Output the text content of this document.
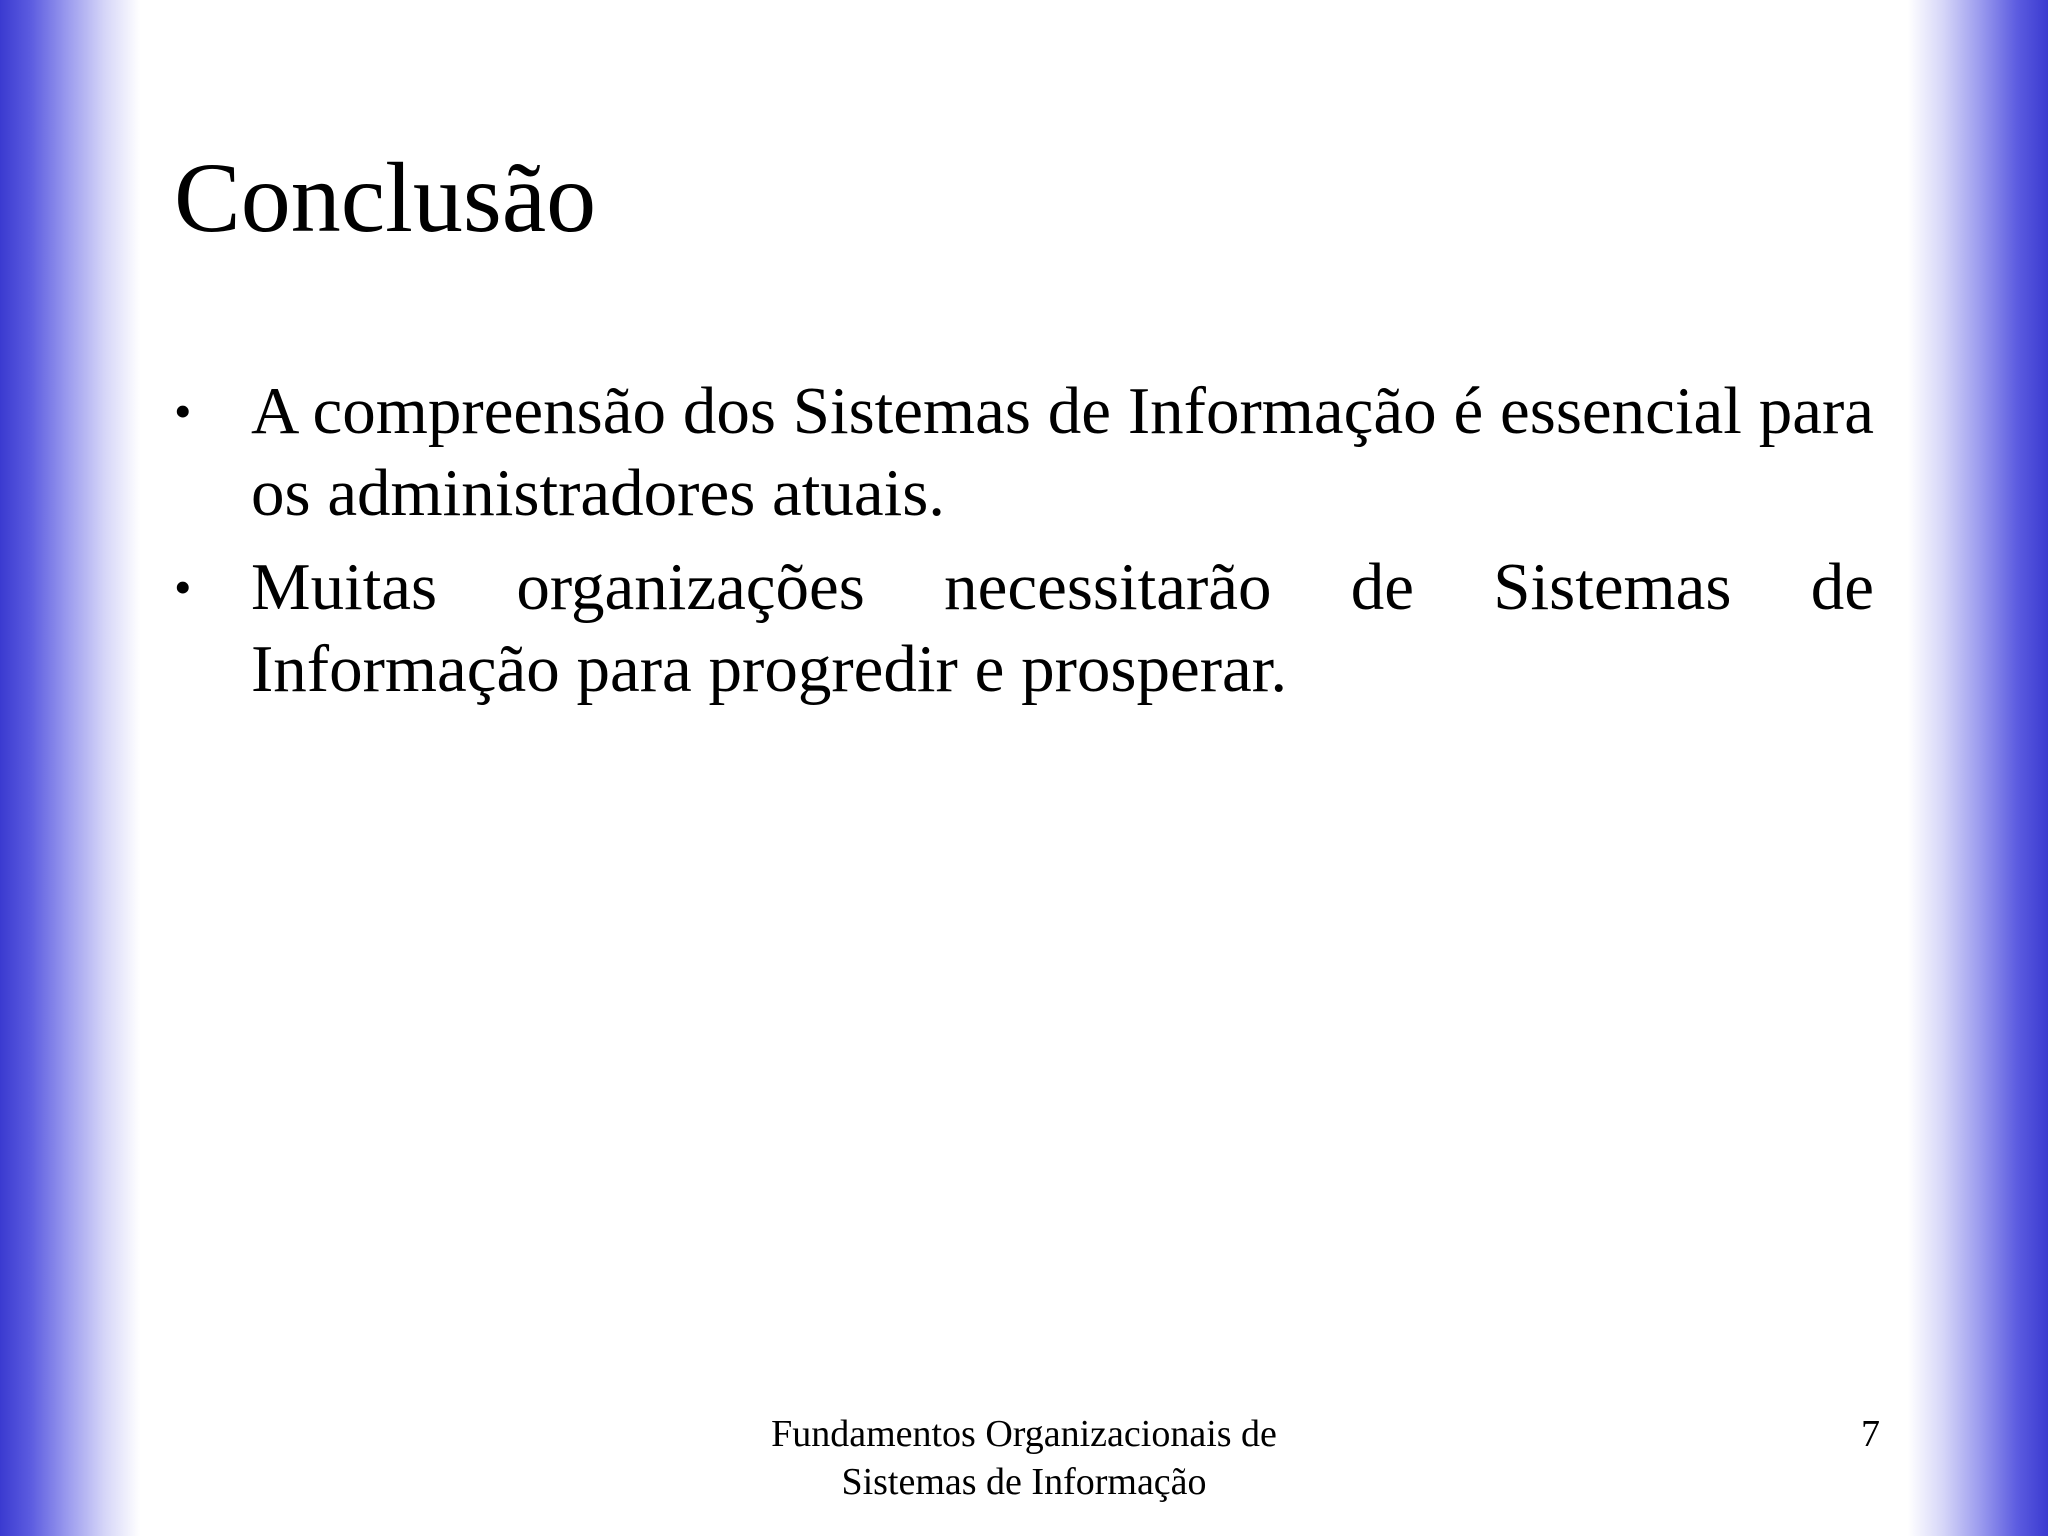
Conclusão
• A compreensão dos Sistemas de Informação é essencial para os administradores atuais.
• Muitas organizações necessitarão de Sistemas de Informação para progredir e prosperar.
Fundamentos Organizacionais de
Sistemas de Informação
7
